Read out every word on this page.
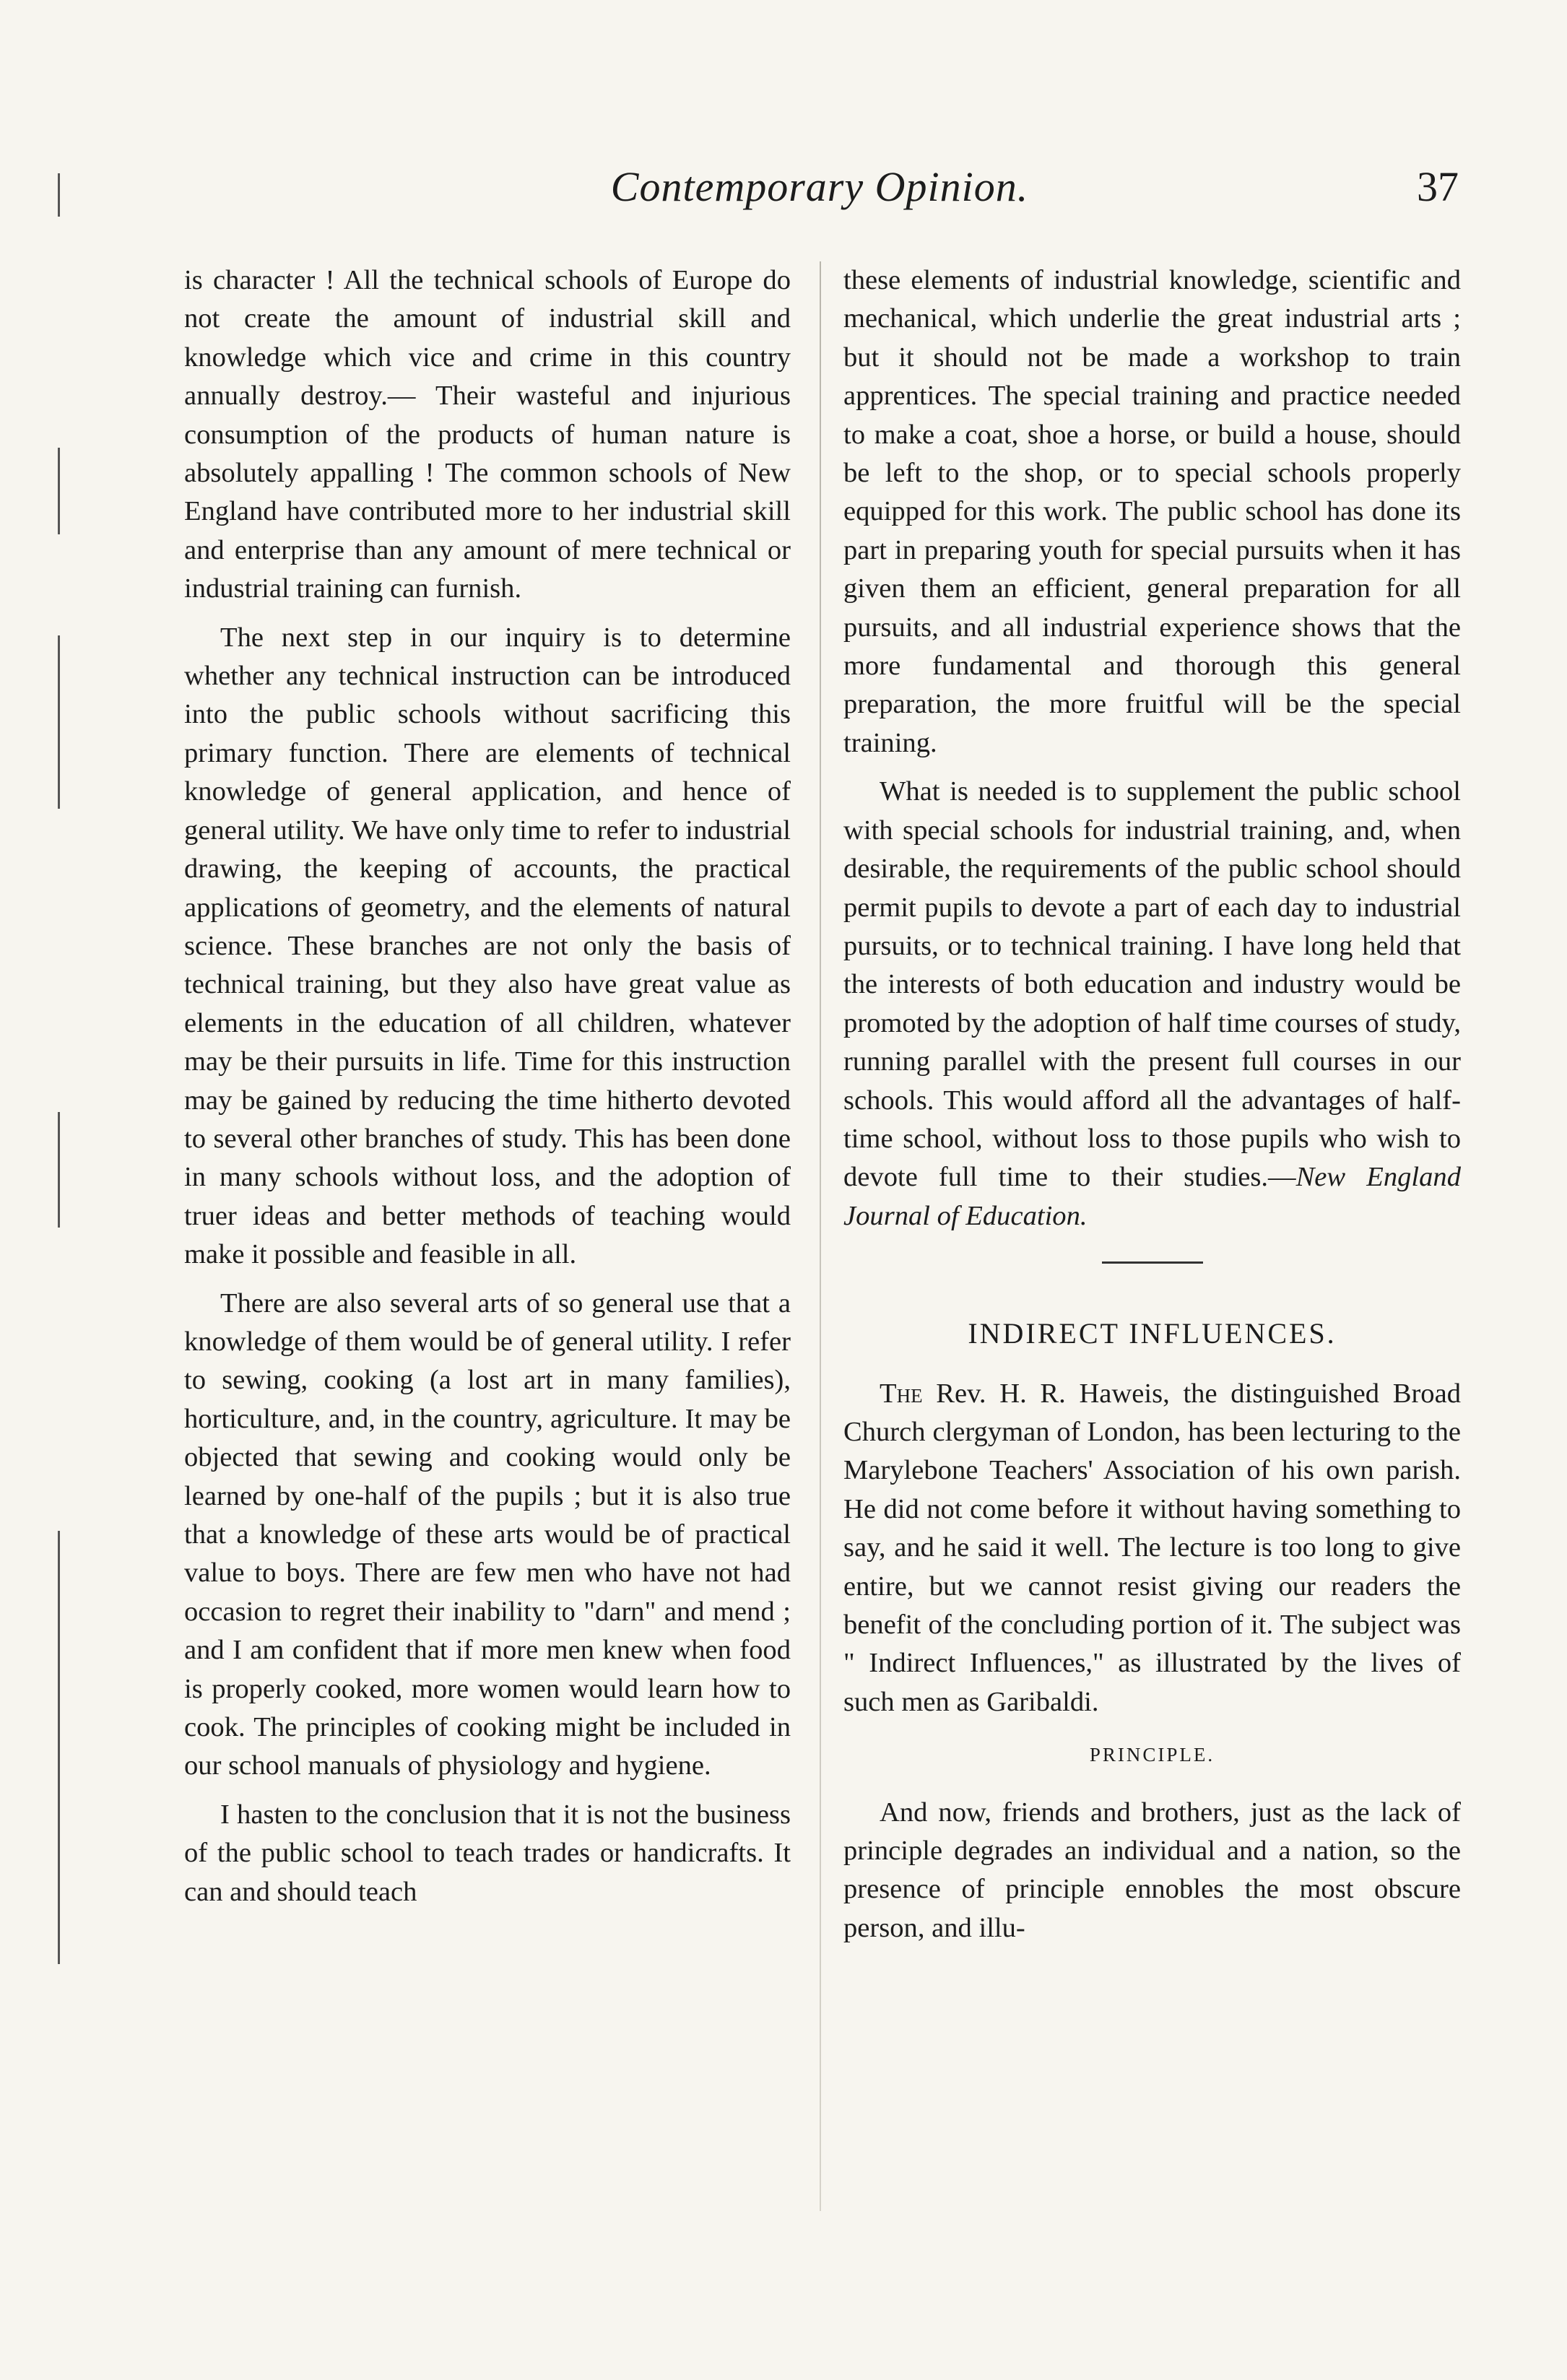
Contemporary Opinion.	37

is character ! All the technical schools of Europe do not create the amount of industrial skill and knowledge which vice and crime in this country annually destroy.— Their wasteful and injurious consumption of the products of human nature is absolutely appalling ! The common schools of New England have contributed more to her industrial skill and enterprise than any amount of mere technical or industrial training can furnish.

The next step in our inquiry is to determine whether any technical instruction can be introduced into the public schools without sacrificing this primary function. There are elements of technical knowledge of general application, and hence of general utility. We have only time to refer to industrial drawing, the keeping of accounts, the practical applications of geometry, and the elements of natural science. These branches are not only the basis of technical training, but they also have great value as elements in the education of all children, whatever may be their pursuits in life. Time for this instruction may be gained by reducing the time hitherto devoted to several other branches of study. This has been done in many schools without loss, and the adoption of truer ideas and better methods of teaching would make it possible and feasible in all.

There are also several arts of so general use that a knowledge of them would be of general utility. I refer to sewing, cooking (a lost art in many families), horticulture, and, in the country, agriculture. It may be objected that sewing and cooking would only be learned by one-half of the pupils ; but it is also true that a knowledge of these arts would be of practical value to boys. There are few men who have not had occasion to regret their inability to "darn" and mend ; and I am confident that if more men knew when food is properly cooked, more women would learn how to cook. The principles of cooking might be included in our school manuals of physiology and hygiene.

I hasten to the conclusion that it is not the business of the public school to teach trades or handicrafts. It can and should teach

these elements of industrial knowledge, scientific and mechanical, which underlie the great industrial arts ; but it should not be made a workshop to train apprentices. The special training and practice needed to make a coat, shoe a horse, or build a house, should be left to the shop, or to special schools properly equipped for this work. The public school has done its part in preparing youth for special pursuits when it has given them an efficient, general preparation for all pursuits, and all industrial experience shows that the more fundamental and thorough this general preparation, the more fruitful will be the special training.

What is needed is to supplement the public school with special schools for industrial training, and, when desirable, the requirements of the public school should permit pupils to devote a part of each day to industrial pursuits, or to technical training. I have long held that the interests of both education and industry would be promoted by the adoption of half time courses of study, running parallel with the present full courses in our schools. This would afford all the advantages of half-time school, without loss to those pupils who wish to devote full time to their studies.—New England Journal of Education.

INDIRECT INFLUENCES.

The Rev. H. R. Haweis, the distinguished Broad Church clergyman of London, has been lecturing to the Marylebone Teachers' Association of his own parish. He did not come before it without having something to say, and he said it well. The lecture is too long to give entire, but we cannot resist giving our readers the benefit of the concluding portion of it. The subject was " Indirect Influences," as illustrated by the lives of such men as Garibaldi.

PRINCIPLE.

And now, friends and brothers, just as the lack of principle degrades an individual and a nation, so the presence of principle ennobles the most obscure person, and illu-
